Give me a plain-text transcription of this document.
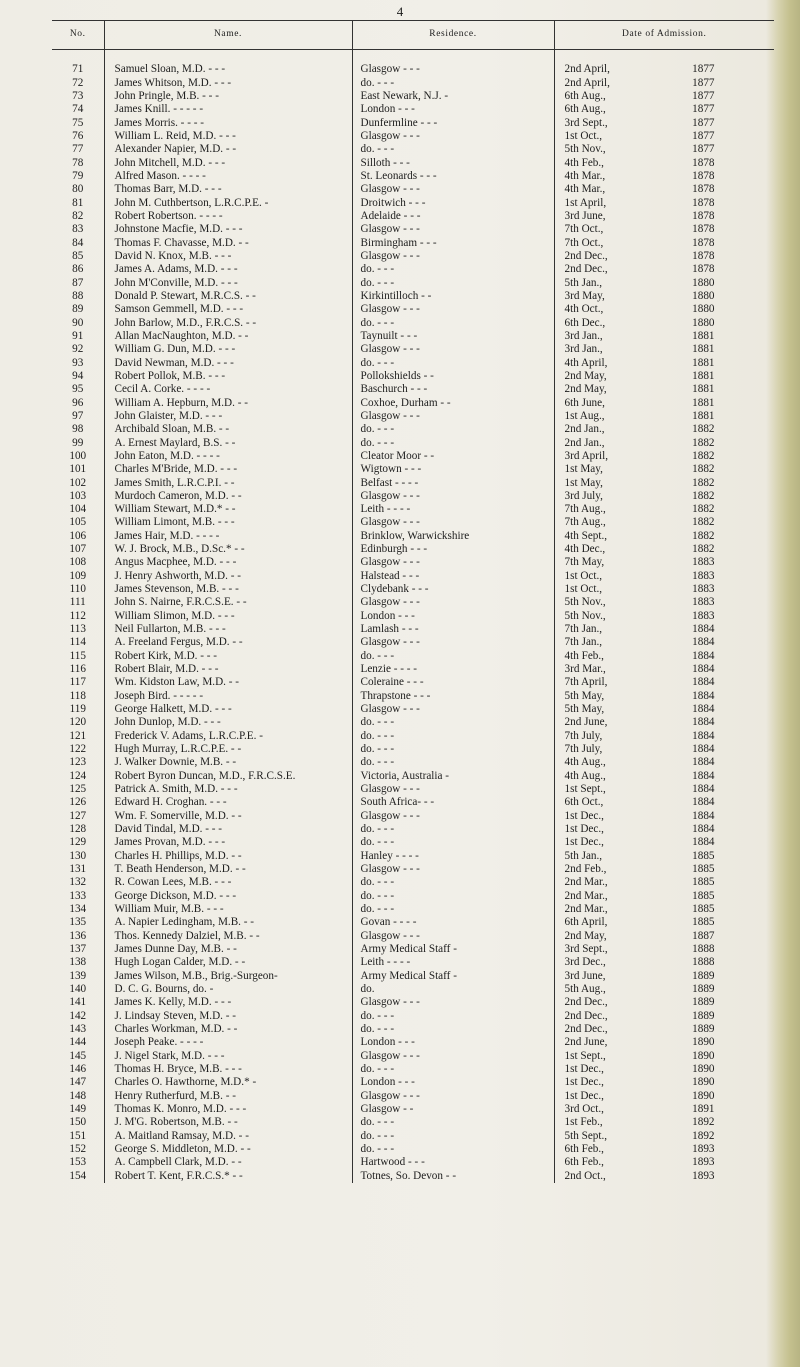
4
No.	Name.	Residence.	Date of Admission.

71	Samuel Sloan, M.D. - - -	Glasgow - - -	2nd April, 1877
72	James Whitson, M.D. - - -	do. - - -	2nd April, 1877
73	John Pringle, M.B. - - -	East Newark, N.J. -	6th Aug., 1877
74	James Knill. - - - - -	London - - -	6th Aug., 1877
75	James Morris. - - - -	Dunfermline - - -	3rd Sept., 1877
76	William L. Reid, M.D. - - -	Glasgow - - -	1st Oct., 1877
77	Alexander Napier, M.D. - -	do. - - -	5th Nov., 1877
78	John Mitchell, M.D. - - -	Silloth - - -	4th Feb., 1878
79	Alfred Mason. - - - -	St. Leonards - - -	4th Mar., 1878
80	Thomas Barr, M.D. - - -	Glasgow - - -	4th Mar., 1878
81	John M. Cuthbertson, L.R.C.P.E. -	Droitwich - - -	1st April, 1878
82	Robert Robertson. - - - -	Adelaide - - -	3rd June, 1878
83	Johnstone Macfie, M.D. - - -	Glasgow - - -	7th Oct., 1878
84	Thomas F. Chavasse, M.D. - -	Birmingham - - -	7th Oct., 1878
85	David N. Knox, M.B. - - -	Glasgow - - -	2nd Dec., 1878
86	James A. Adams, M.D. - - -	do. - - -	2nd Dec., 1878
87	John M'Conville, M.D. - - -	do. - - -	5th Jan., 1880
88	Donald P. Stewart, M.R.C.S. - -	Kirkintilloch - -	3rd May, 1880
89	Samson Gemmell, M.D. - - -	Glasgow - - -	4th Oct., 1880
90	John Barlow, M.D., F.R.C.S. - -	do. - - -	6th Dec., 1880
91	Allan MacNaughton, M.D. - -	Taynuilt - - -	3rd Jan., 1881
92	William G. Dun, M.D. - - -	Glasgow - - -	3rd Jan., 1881
93	David Newman, M.D. - - -	do. - - -	4th April, 1881
94	Robert Pollok, M.B. - - -	Pollokshields - -	2nd May, 1881
95	Cecil A. Corke. - - - -	Baschurch - - -	2nd May, 1881
96	William A. Hepburn, M.D. - -	Coxhoe, Durham - -	6th June, 1881
97	John Glaister, M.D. - - -	Glasgow - - -	1st Aug., 1881
98	Archibald Sloan, M.B. - -	do. - - -	2nd Jan., 1882
99	A. Ernest Maylard, B.S. - -	do. - - -	2nd Jan., 1882
100	John Eaton, M.D. - - - -	Cleator Moor - -	3rd April, 1882
101	Charles M'Bride, M.D. - - -	Wigtown - - -	1st May, 1882
102	James Smith, L.R.C.P.I. - -	Belfast - - - -	1st May, 1882
103	Murdoch Cameron, M.D. - -	Glasgow - - -	3rd July, 1882
104	William Stewart, M.D.* - -	Leith - - - -	7th Aug., 1882
105	William Limont, M.B. - - -	Glasgow - - -	7th Aug., 1882
106	James Hair, M.D. - - - -	Brinklow, Warwickshire	4th Sept., 1882
107	W. J. Brock, M.B., D.Sc.* - -	Edinburgh - - -	4th Dec., 1882
108	Angus Macphee, M.D. - - -	Glasgow - - -	7th May, 1883
109	J. Henry Ashworth, M.D. - -	Halstead - - -	1st Oct., 1883
110	James Stevenson, M.B. - - -	Clydebank - - -	1st Oct., 1883
111	John S. Nairne, F.R.C.S.E. - -	Glasgow - - -	5th Nov., 1883
112	William Slimon, M.D. - - -	London - - -	5th Nov., 1883
113	Neil Fullarton, M.B. - - -	Lamlash - - -	7th Jan., 1884
114	A. Freeland Fergus, M.D. - -	Glasgow - - -	7th Jan., 1884
115	Robert Kirk, M.D. - - -	do. - - -	4th Feb., 1884
116	Robert Blair, M.D. - - -	Lenzie - - - -	3rd Mar., 1884
117	Wm. Kidston Law, M.D. - -	Coleraine - - -	7th April, 1884
118	Joseph Bird. - - - - -	Thrapstone - - -	5th May, 1884
119	George Halkett, M.D. - - -	Glasgow - - -	5th May, 1884
120	John Dunlop, M.D. - - -	do. - - -	2nd June, 1884
121	Frederick V. Adams, L.R.C.P.E. -	do. - - -	7th July, 1884
122	Hugh Murray, L.R.C.P.E. - -	do. - - -	7th July, 1884
123	J. Walker Downie, M.B. - -	do. - - -	4th Aug., 1884
124	Robert Byron Duncan, M.D., F.R.C.S.E.	Victoria, Australia -	4th Aug., 1884
125	Patrick A. Smith, M.D. - - -	Glasgow - - -	1st Sept., 1884
126	Edward H. Croghan. - - -	South Africa- - -	6th Oct., 1884
127	Wm. F. Somerville, M.D. - -	Glasgow - - -	1st Dec., 1884
128	David Tindal, M.D. - - -	do. - - -	1st Dec., 1884
129	James Provan, M.D. - - -	do. - - -	1st Dec., 1884
130	Charles H. Phillips, M.D. - -	Hanley - - - -	5th Jan., 1885
131	T. Beath Henderson, M.D. - -	Glasgow - - -	2nd Feb., 1885
132	R. Cowan Lees, M.B. - - -	do. - - -	2nd Mar., 1885
133	George Dickson, M.D. - - -	do. - - -	2nd Mar., 1885
134	William Muir, M.B. - - -	do. - - -	2nd Mar., 1885
135	A. Napier Ledingham, M.B. - -	Govan - - - -	6th April, 1885
136	Thos. Kennedy Dalziel, M.B. - -	Glasgow - - -	2nd May, 1887
137	James Dunne Day, M.B. - -	Army Medical Staff -	3rd Sept., 1888
138	Hugh Logan Calder, M.D. - -	Leith - - - -	3rd Dec., 1888
139	James Wilson, M.B., Brig.-Surgeon-	Army Medical Staff -	3rd June, 1889
140	D. C. G. Bourns, do. -	do.	5th Aug., 1889
141	James K. Kelly, M.D. - - -	Glasgow - - -	2nd Dec., 1889
142	J. Lindsay Steven, M.D. - -	do. - - -	2nd Dec., 1889
143	Charles Workman, M.D. - -	do. - - -	2nd Dec., 1889
144	Joseph Peake. - - - -	London - - -	2nd June, 1890
145	J. Nigel Stark, M.D. - - -	Glasgow - - -	1st Sept., 1890
146	Thomas H. Bryce, M.B. - - -	do. - - -	1st Dec., 1890
147	Charles O. Hawthorne, M.D.* -	London - - -	1st Dec., 1890
148	Henry Rutherfurd, M.B. - -	Glasgow - - -	1st Dec., 1890
149	Thomas K. Monro, M.D. - - -	Glasgow - -	3rd Oct., 1891
150	J. M'G. Robertson, M.B. - -	do. - - -	1st Feb., 1892
151	A. Maitland Ramsay, M.D. - -	do. - - -	5th Sept., 1892
152	George S. Middleton, M.D. - -	do. - - -	6th Feb., 1893
153	A. Campbell Clark, M.D. - -	Hartwood - - -	6th Feb., 1893
154	Robert T. Kent, F.R.C.S.* - -	Totnes, So. Devon - -	2nd Oct., 1893
